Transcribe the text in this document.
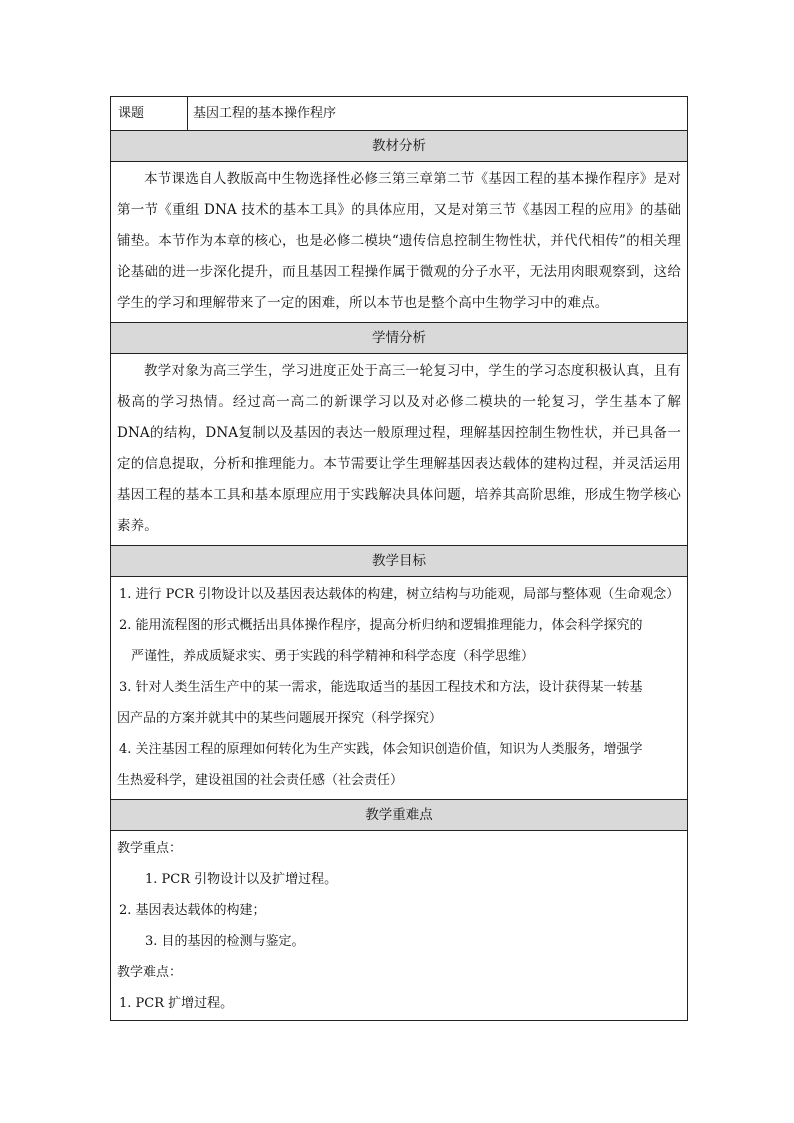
课题	基因工程的基本操作程序
教材分析
本节课选自人教版高中生物选择性必修三第三章第二节《基因工程的基本操作程序》是对第一节《重组 DNA 技术的基本工具》的具体应用，又是对第三节《基因工程的应用》的基础铺垫。本节作为本章的核心，也是必修二模块“遗传信息控制生物性状，并代代相传”的相关理论基础的进一步深化提升，而且基因工程操作属于微观的分子水平，无法用肉眼观察到，这给学生的学习和理解带来了一定的困难，所以本节也是整个高中生物学习中的难点。
学情分析
教学对象为高三学生，学习进度正处于高三一轮复习中，学生的学习态度积极认真，且有极高的学习热情。经过高一高二的新课学习以及对必修二模块的一轮复习，学生基本了解DNA的结构，DNA复制以及基因的表达一般原理过程，理解基因控制生物性状，并已具备一定的信息提取，分析和推理能力。本节需要让学生理解基因表达载体的建构过程，并灵活运用基因工程的基本工具和基本原理应用于实践解决具体问题，培养其高阶思维，形成生物学核心素养。
教学目标
1. 进行 PCR 引物设计以及基因表达载体的构建，树立结构与功能观，局部与整体观（生命观念）
2. 能用流程图的形式概括出具体操作程序，提高分析归纳和逻辑推理能力，体会科学探究的
严谨性，养成质疑求实、勇于实践的科学精神和科学态度（科学思维）
3. 针对人类生活生产中的某一需求，能选取适当的基因工程技术和方法，设计获得某一转基
因产品的方案并就其中的某些问题展开探究（科学探究）
4. 关注基因工程的原理如何转化为生产实践，体会知识创造价值，知识为人类服务，增强学
生热爱科学，建设祖国的社会责任感（社会责任）
教学重难点
教学重点：
1. PCR 引物设计以及扩增过程。
2. 基因表达载体的构建；
3. 目的基因的检测与鉴定。
教学难点：
1. PCR 扩增过程。
